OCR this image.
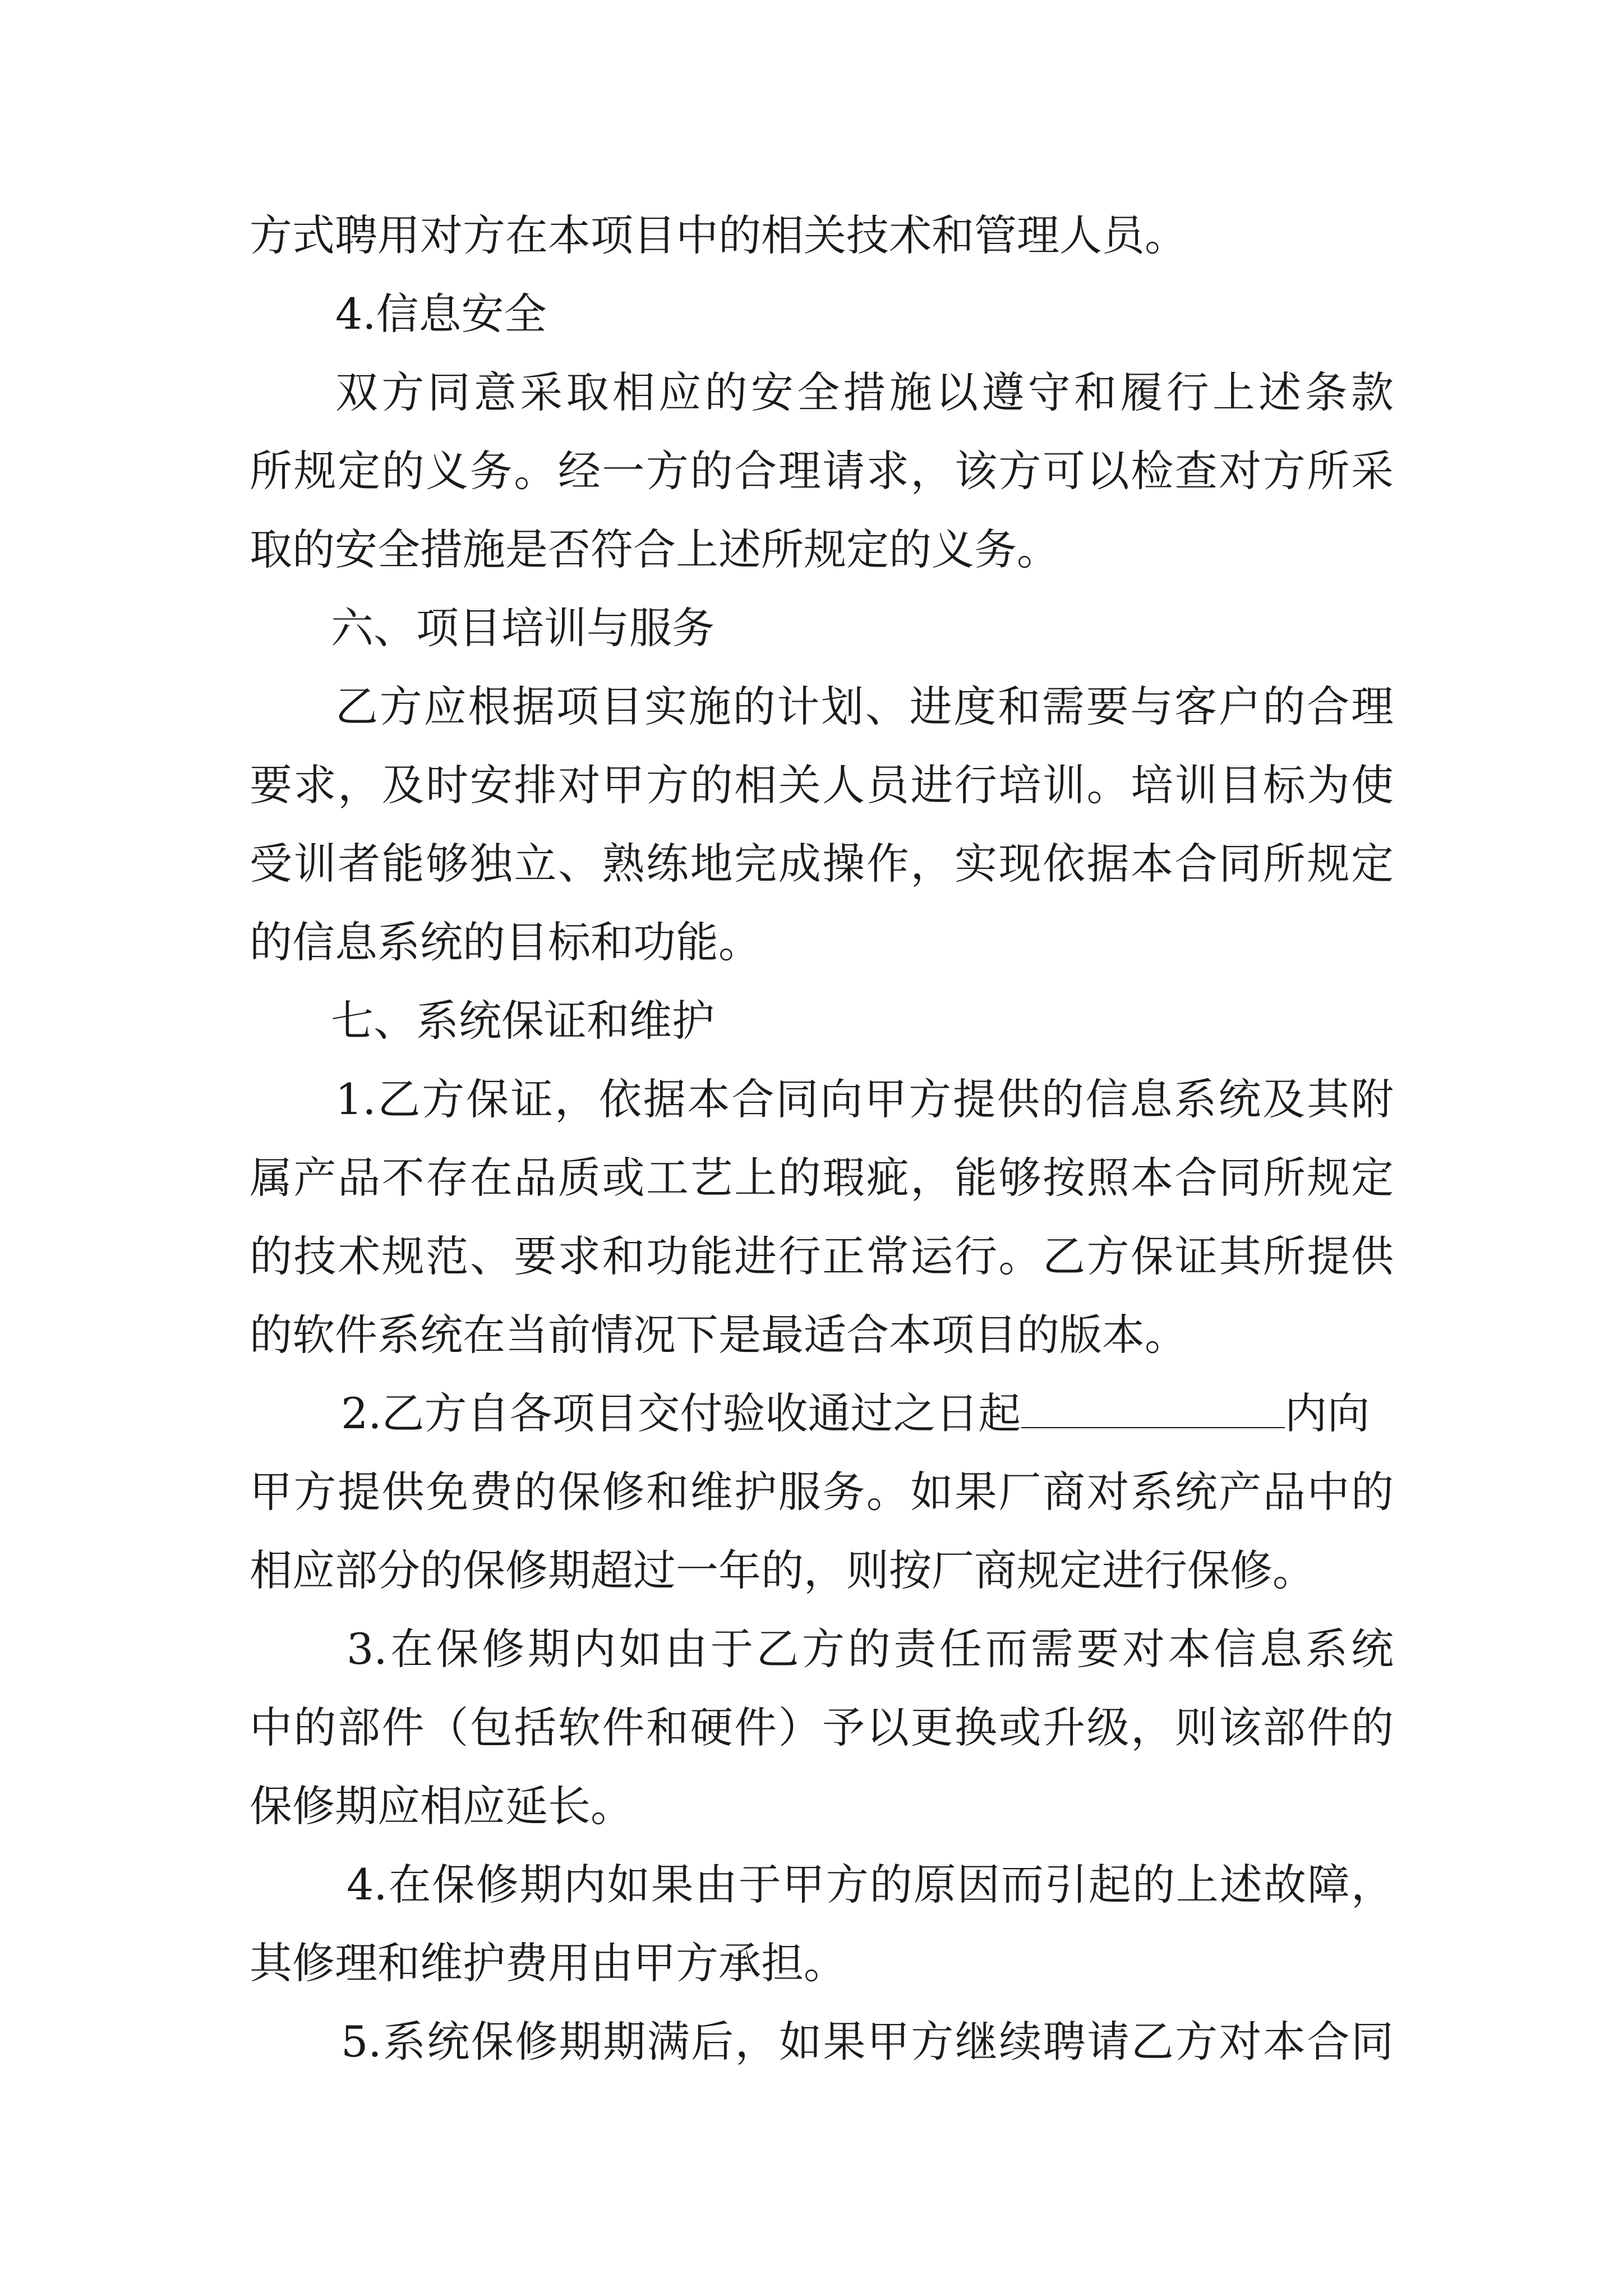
方式聘用对方在本项目中的相关技术和管理人员。
4.信息安全
双方同意采取相应的安全措施以遵守和履行上述条款
所规定的义务。经一方的合理请求，该方可以检查对方所采
取的安全措施是否符合上述所规定的义务。
六、项目培训与服务
乙方应根据项目实施的计划、进度和需要与客户的合理
要求，及时安排对甲方的相关人员进行培训。培训目标为使
受训者能够独立、熟练地完成操作，实现依据本合同所规定
的信息系统的目标和功能。
七、系统保证和维护
1.乙方保证，依据本合同向甲方提供的信息系统及其附
属产品不存在品质或工艺上的瑕疵，能够按照本合同所规定
的技术规范、要求和功能进行正常运行。乙方保证其所提供
的软件系统在当前情况下是最适合本项目的版本。
2.乙方自各项目交付验收通过之日起	内向
甲方提供免费的保修和维护服务。如果厂商对系统产品中的
相应部分的保修期超过一年的，则按厂商规定进行保修。
3.在保修期内如由于乙方的责任而需要对本信息系统
中的部件（包括软件和硬件）予以更换或升级，则该部件的
保修期应相应延长。
4.在保修期内如果由于甲方的原因而引起的上述故障，
其修理和维护费用由甲方承担。
5.系统保修期期满后，如果甲方继续聘请乙方对本合同
